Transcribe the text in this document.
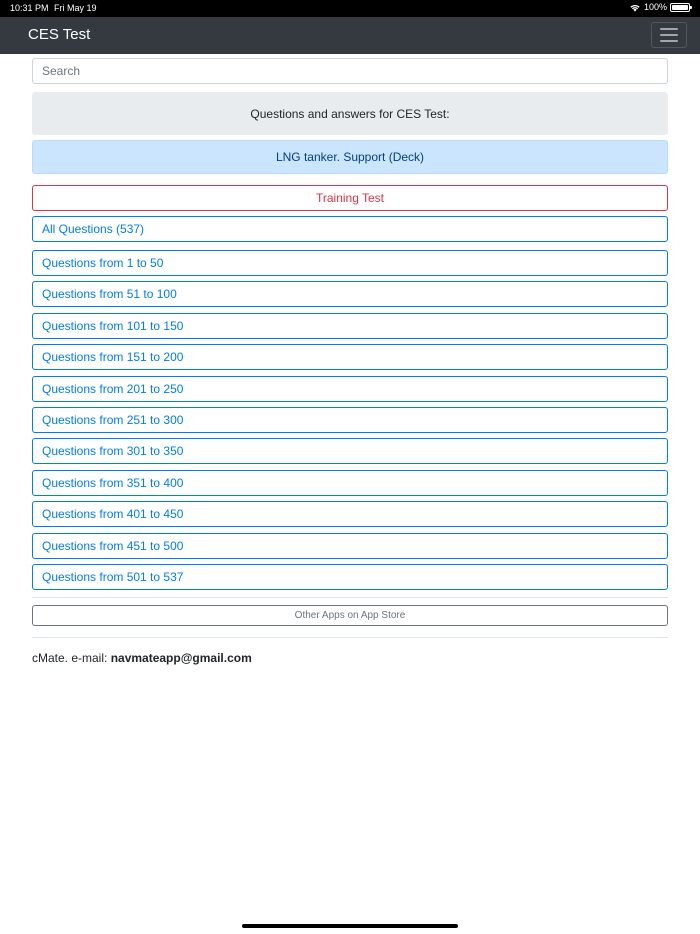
10:31 PM Fri May 19	100%
CES Test
Search
Questions and answers for CES Test:
LNG tanker. Support (Deck)
Training Test
All Questions (537)
Questions from 1 to 50
Questions from 51 to 100
Questions from 101 to 150
Questions from 151 to 200
Questions from 201 to 250
Questions from 251 to 300
Questions from 301 to 350
Questions from 351 to 400
Questions from 401 to 450
Questions from 451 to 500
Questions from 501 to 537
Other Apps on App Store
cMate. e-mail: navmateapp@gmail.com
